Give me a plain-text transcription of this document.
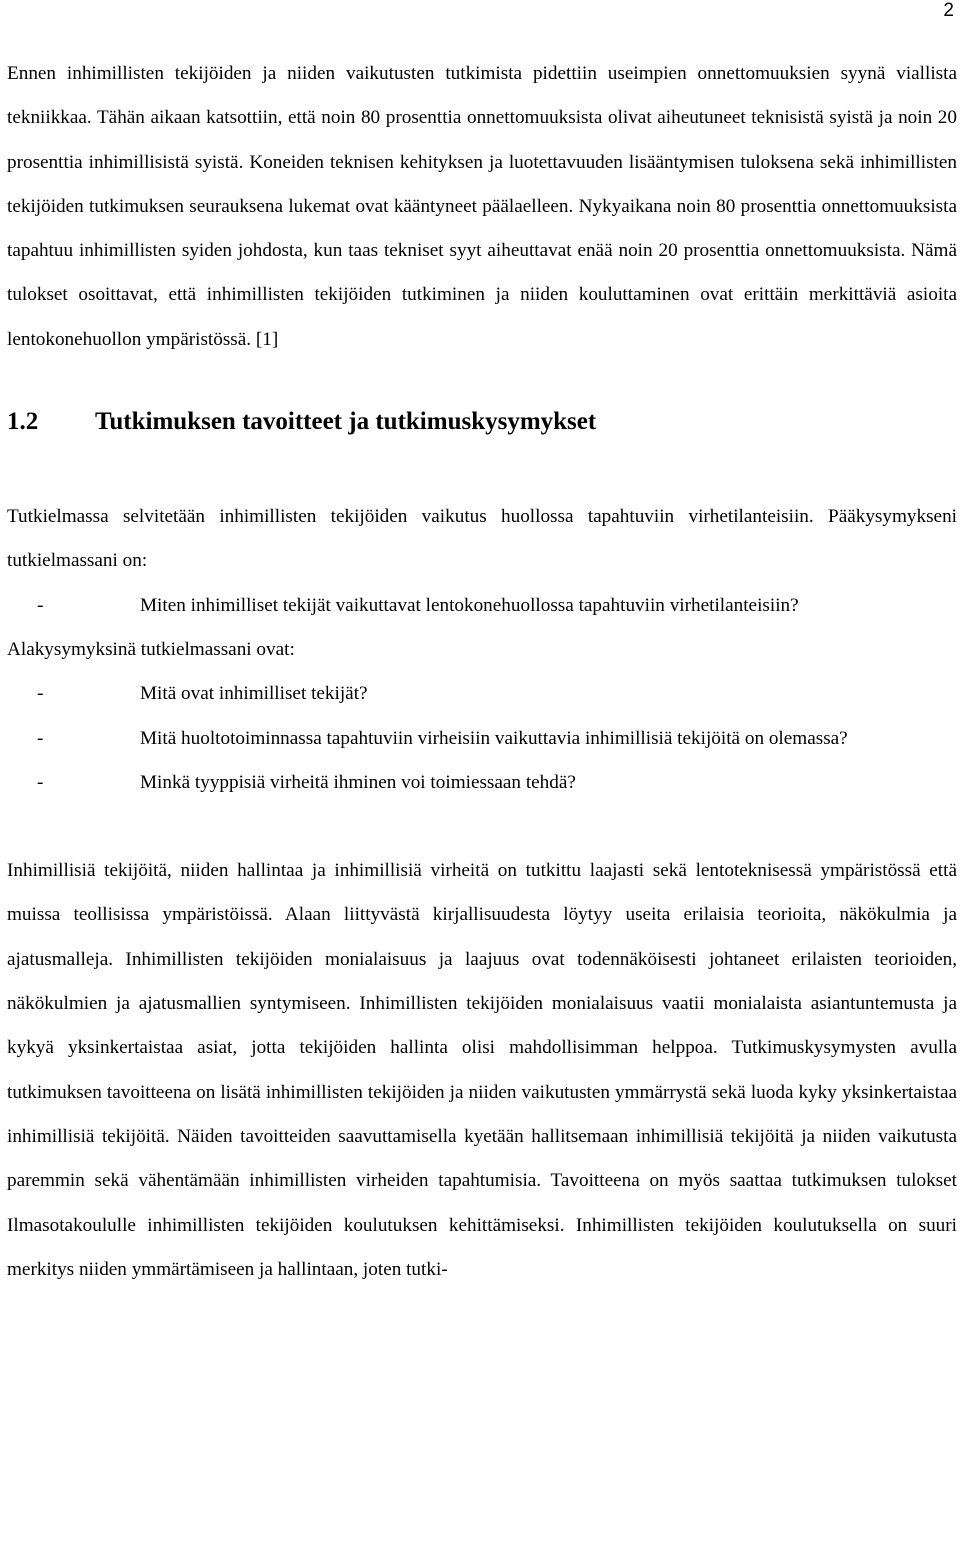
2

Ennen inhimillisten tekijöiden ja niiden vaikutusten tutkimista pidettiin useimpien onnettomuuksien syynä viallista tekniikkaa. Tähän aikaan katsottiin, että noin 80 prosenttia onnettomuuksista olivat aiheutuneet teknisistä syistä ja noin 20 prosenttia inhimillisistä syistä. Koneiden teknisen kehityksen ja luotettavuuden lisääntymisen tuloksena sekä inhimillisten tekijöiden tutkimuksen seurauksena lukemat ovat kääntyneet päälaelleen. Nykyaikana noin 80 prosenttia onnettomuuksista tapahtuu inhimillisten syiden johdosta, kun taas tekniset syyt aiheuttavat enää noin 20 prosenttia onnettomuuksista. Nämä tulokset osoittavat, että inhimillisten tekijöiden tutkiminen ja niiden kouluttaminen ovat erittäin merkittäviä asioita lentokonehuollon ympäristössä. [1]

1.2	Tutkimuksen tavoitteet ja tutkimuskysymykset

Tutkielmassa selvitetään inhimillisten tekijöiden vaikutus huollossa tapahtuviin virhetilanteisiin. Pääkysymykseni tutkielmassani on:

-	Miten inhimilliset tekijät vaikuttavat lentokonehuollossa tapahtuviin virhetilanteisiin?

Alakysymyksinä tutkielmassani ovat:

-	Mitä ovat inhimilliset tekijät?
-	Mitä huoltotoiminnassa tapahtuviin virheisiin vaikuttavia inhimillisiä tekijöitä on olemassa?
-	Minkä tyyppisiä virheitä ihminen voi toimiessaan tehdä?

Inhimillisiä tekijöitä, niiden hallintaa ja inhimillisiä virheitä on tutkittu laajasti sekä lentoteknisessä ympäristössä että muissa teollisissa ympäristöissä. Alaan liittyvästä kirjallisuudesta löytyy useita erilaisia teorioita, näkökulmia ja ajatusmalleja. Inhimillisten tekijöiden monialaisuus ja laajuus ovat todennäköisesti johtaneet erilaisten teorioiden, näkökulmien ja ajatusmallien syntymiseen. Inhimillisten tekijöiden monialaisuus vaatii monialaista asiantuntemusta ja kykyä yksinkertaistaa asiat, jotta tekijöiden hallinta olisi mahdollisimman helppoa. Tutkimuskysymysten avulla tutkimuksen tavoitteena on lisätä inhimillisten tekijöiden ja niiden vaikutusten ymmärrystä sekä luoda kyky yksinkertaistaa inhimillisiä tekijöitä. Näiden tavoitteiden saavuttamisella kyetään hallitsemaan inhimillisiä tekijöitä ja niiden vaikutusta paremmin sekä vähentämään inhimillisten virheiden tapahtumisia. Tavoitteena on myös saattaa tutkimuksen tulokset Ilmasotakoululle inhimillisten tekijöiden koulutuksen kehittämiseksi. Inhimillisten tekijöiden koulutuksella on suuri merkitys niiden ymmärtämiseen ja hallintaan, joten tutki-
